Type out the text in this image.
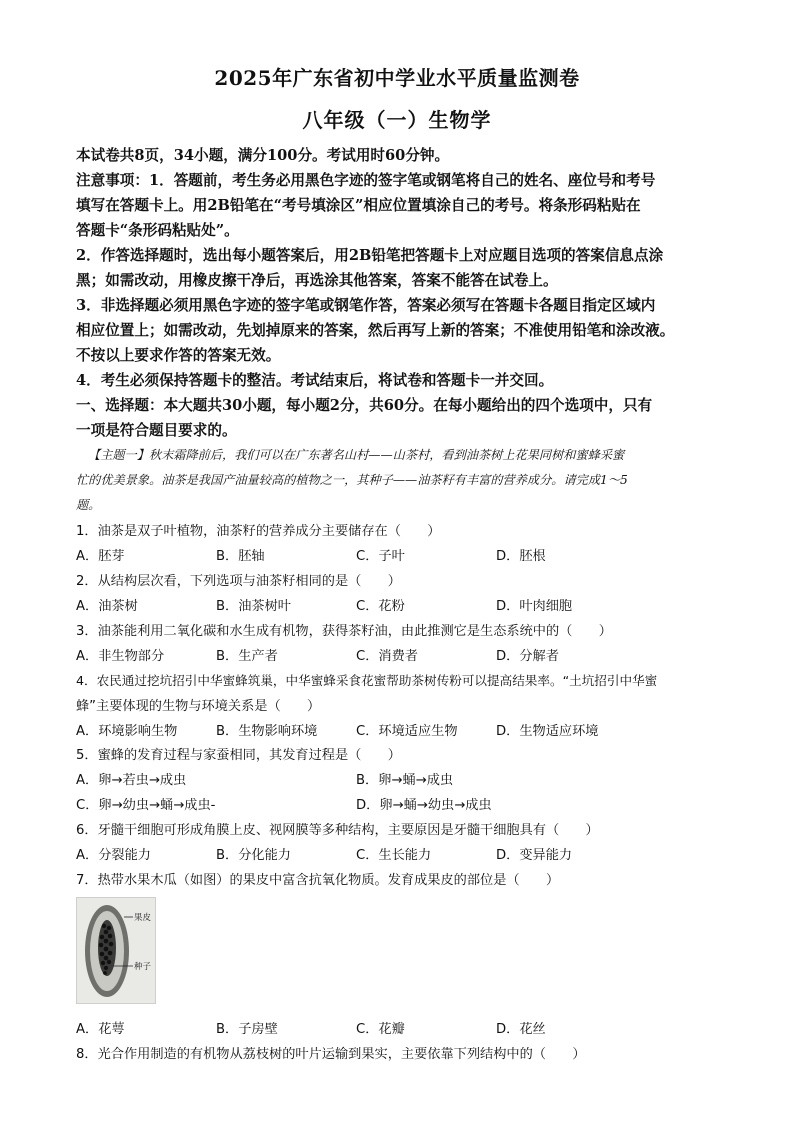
2025年广东省初中学业水平质量监测卷
八年级（一）生物学
本试卷共8页，34小题，满分100分。考试用时60分钟。
注意事项：1．答题前，考生务必用黑色字迹的签字笔或钢笔将自己的姓名、座位号和考号
填写在答题卡上。用2B铅笔在“考号填涂区”相应位置填涂自己的考号。将条形码粘贴在
答题卡“条形码粘贴处”。
2．作答选择题时，选出每小题答案后，用2B铅笔把答题卡上对应题目选项的答案信息点涂
黑；如需改动，用橡皮擦干净后，再选涂其他答案，答案不能答在试卷上。
3．非选择题必须用黑色字迹的签字笔或钢笔作答，答案必须写在答题卡各题目指定区域内
相应位置上；如需改动，先划掉原来的答案，然后再写上新的答案；不准使用铅笔和涂改液。
不按以上要求作答的答案无效。
4．考生必须保持答题卡的整洁。考试结束后，将试卷和答题卡一并交回。
一、选择题：本大题共30小题，每小题2分，共60分。在每小题给出的四个选项中，只有
一项是符合题目要求的。
【主题一】秋末霜降前后，我们可以在广东著名山村——山茶村，看到油茶树上花果同树和蜜蜂采蜜
忙的优美景象。油茶是我国产油量较高的植物之一，其种子——油茶籽有丰富的营养成分。请完成1～5
题。
1．油茶是双子叶植物，油茶籽的营养成分主要储存在（　　）
A．胚芽	B．胚轴	C．子叶	D．胚根
2．从结构层次看，下列选项与油茶籽相同的是（　　）
A．油茶树	B．油茶树叶	C．花粉	D．叶肉细胞
3．油茶能利用二氧化碳和水生成有机物，获得茶籽油，由此推测它是生态系统中的（　　）
A．非生物部分	B．生产者	C．消费者	D．分解者
4．农民通过挖坑招引中华蜜蜂筑巢，中华蜜蜂采食花蜜帮助茶树传粉可以提高结果率。“土坑招引中华蜜
蜂”主要体现的生物与环境关系是（　　）
A．环境影响生物	B．生物影响环境	C．环境适应生物	D．生物适应环境
5．蜜蜂的发育过程与家蚕相同，其发育过程是（　　）
A．卵→若虫→成虫	B．卵→蛹→成虫
C．卵→幼虫→蛹→成虫-	D．卵→蛹→幼虫→成虫
6．牙髓干细胞可形成角膜上皮、视网膜等多种结构，主要原因是牙髓干细胞具有（　　）
A．分裂能力	B．分化能力	C．生长能力	D．变异能力
7．热带水果木瓜（如图）的果皮中富含抗氧化物质。发育成果皮的部位是（　　）
果皮
种子
A．花萼	B．子房壁	C．花瓣	D．花丝
8．光合作用制造的有机物从荔枝树的叶片运输到果实，主要依靠下列结构中的（　　）
